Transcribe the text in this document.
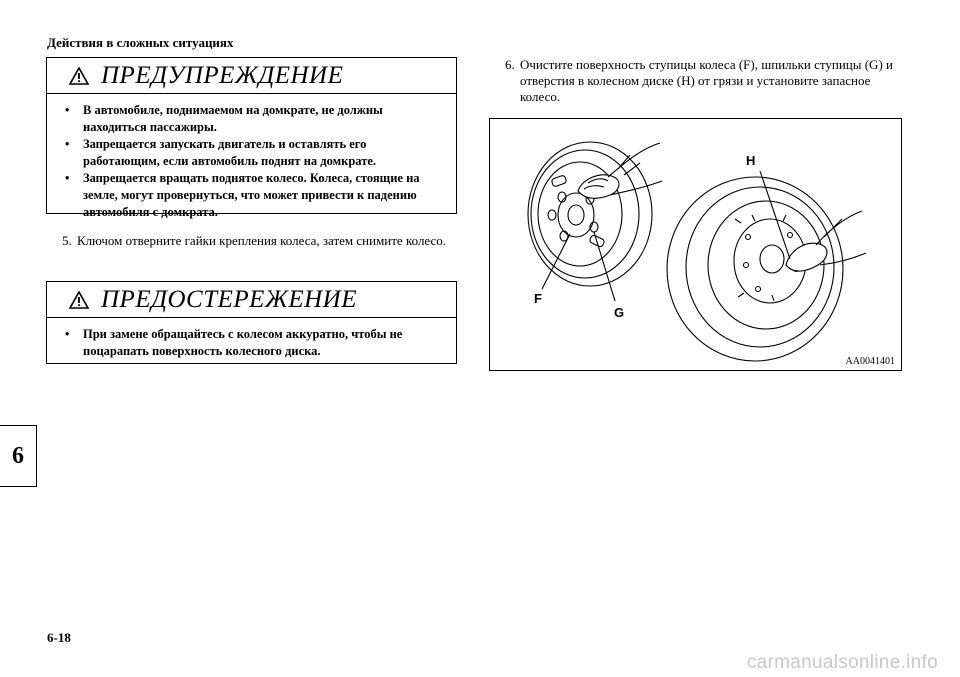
Действия в сложных ситуациях
ПРЕДУПРЕЖДЕНИЕ
• В автомобиле, поднимаемом на домкрате, не должны находиться пассажиры.
• Запрещается запускать двигатель и оставлять его работающим, если автомобиль поднят на домкрате.
• Запрещается вращать поднятое колесо. Колеса, стоящие на земле, могут провернуться, что может привести к падению автомобиля с домкрата.
5. Ключом отверните гайки крепления колеса, затем снимите колесо.
ПРЕДОСТЕРЕЖЕНИЕ
• При замене обращайтесь с колесом аккуратно, чтобы не поцарапать поверхность колесного диска.
6. Очистите поверхность ступицы колеса (F), шпильки ступицы (G) и отверстия в колесном диске (H) от грязи и установите запасное колесо.
F
G
H
AA0041401
6
6-18
carmanualsonline.info
